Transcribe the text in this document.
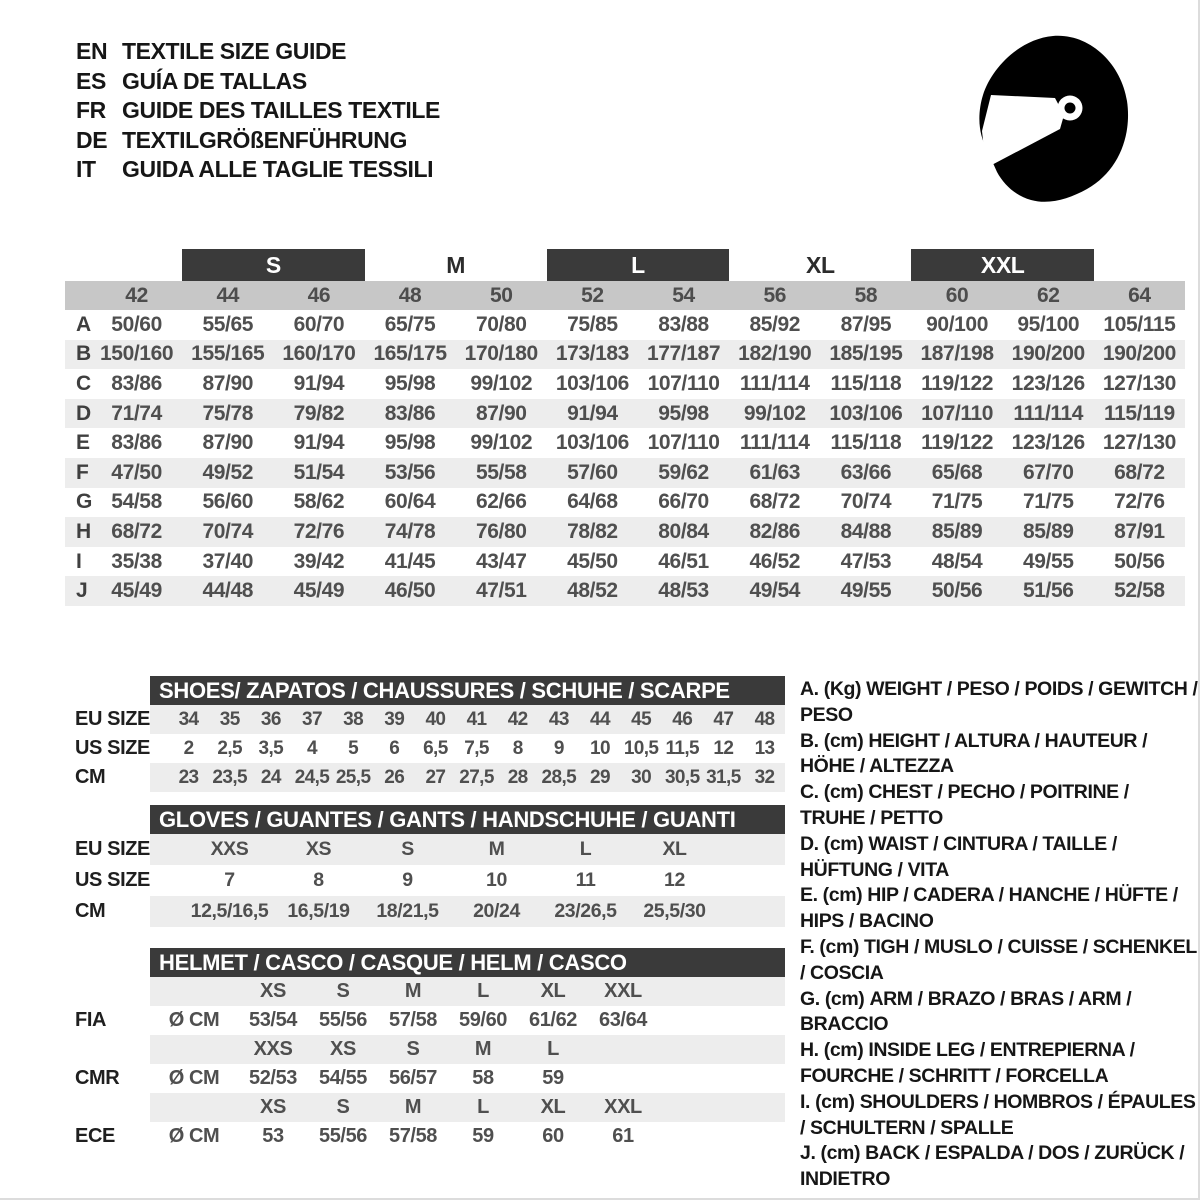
EN TEXTILE SIZE GUIDE
ES GUÍA DE TALLAS
FR GUIDE DES TAILLES TEXTILE
DE TEXTILGRÖßENFÜHRUNG
IT	GUIDA ALLE TAGLIE TESSILI
S	M	L	XL	XXL
42	44	46	48	50	52	54	56	58	60	62	64
A 50/60	55/65	60/70	65/75	70/80	75/85	83/88	85/92	87/95	90/100	95/100	105/115
B 150/160 155/165 160/170 165/175 170/180 173/183 177/187 182/190 185/195 187/198 190/200 190/200
C 83/86	87/90	91/94	95/98	99/102	103/106 107/110 111/114 115/118 119/122 123/126 127/130
D 71/74	75/78	79/82	83/86	87/90	91/94	95/98	99/102	103/106 107/110 111/114 115/119
E	83/86	87/90	91/94	95/98	99/102	103/106 107/110 111/114 115/118 119/122 123/126 127/130
F	47/50	49/52	51/54	53/56	55/58	57/60	59/62	61/63	63/66	65/68	67/70	68/72
G 54/58	56/60	58/62	60/64	62/66	64/68	66/70	68/72	70/74	71/75	71/75	72/76
H 68/72	70/74	72/76	74/78	76/80	78/82	80/84	82/86	84/88	85/89	85/89	87/91
I	35/38	37/40	39/42	41/45	43/47	45/50	46/51	46/52	47/53	48/54	49/55	50/56
J	45/49	44/48	45/49	46/50	47/51	48/52	48/53	49/54	49/55	50/56	51/56	52/58
SHOES/ ZAPATOS / CHAUSSURES / SCHUHE / SCARPE
EU SIZE	34	35	36	37	38	39	40	41	42	43	44	45	46	47	48
US SIZE	2	2,5 3,5	4	5	6	6,5 7,5	8	9	10 10,5 11,5 12	13
CM	23 23,5 24 24,5 25,5 26	27 27,5 28 28,5 29	30 30,5 31,5 32
GLOVES / GUANTES / GANTS / HANDSCHUHE / GUANTI
EU SIZE	XXS	XS	S	M	L	XL
US SIZE	7	8	9	10	11	12
CM	12,5/16,5 16,5/19	18/21,5	20/24	23/26,5	25,5/30
HELMET / CASCO / CASQUE / HELM / CASCO
XS	S	M	L	XL	XXL
FIA	Ø CM	53/54	55/56	57/58	59/60	61/62	63/64
XXS	XS	S	M	L
CMR	Ø CM	52/53	54/55	56/57	58	59
XS	S	M	L	XL	XXL
ECE	Ø CM	53	55/56	57/58	59	60	61
A. (Kg) WEIGHT / PESO / POIDS / GEWITCH / PESO
B. (cm) HEIGHT / ALTURA / HAUTEUR / HÖHE / ALTEZZA
C. (cm) CHEST / PECHO / POITRINE / TRUHE / PETTO
D. (cm) WAIST / CINTURA / TAILLE / HÜFTUNG / VITA
E. (cm) HIP / CADERA / HANCHE / HÜFTE / HIPS / BACINO
F. (cm) TIGH / MUSLO / CUISSE / SCHENKEL / COSCIA
G. (cm) ARM / BRAZO / BRAS / ARM / BRACCIO
H. (cm) INSIDE LEG / ENTREPIERNA / FOURCHE / SCHRITT / FORCELLA
I. (cm) SHOULDERS / HOMBROS / ÉPAULES / SCHULTERN / SPALLE
J. (cm) BACK / ESPALDA / DOS / ZURÜCK / INDIETRO
